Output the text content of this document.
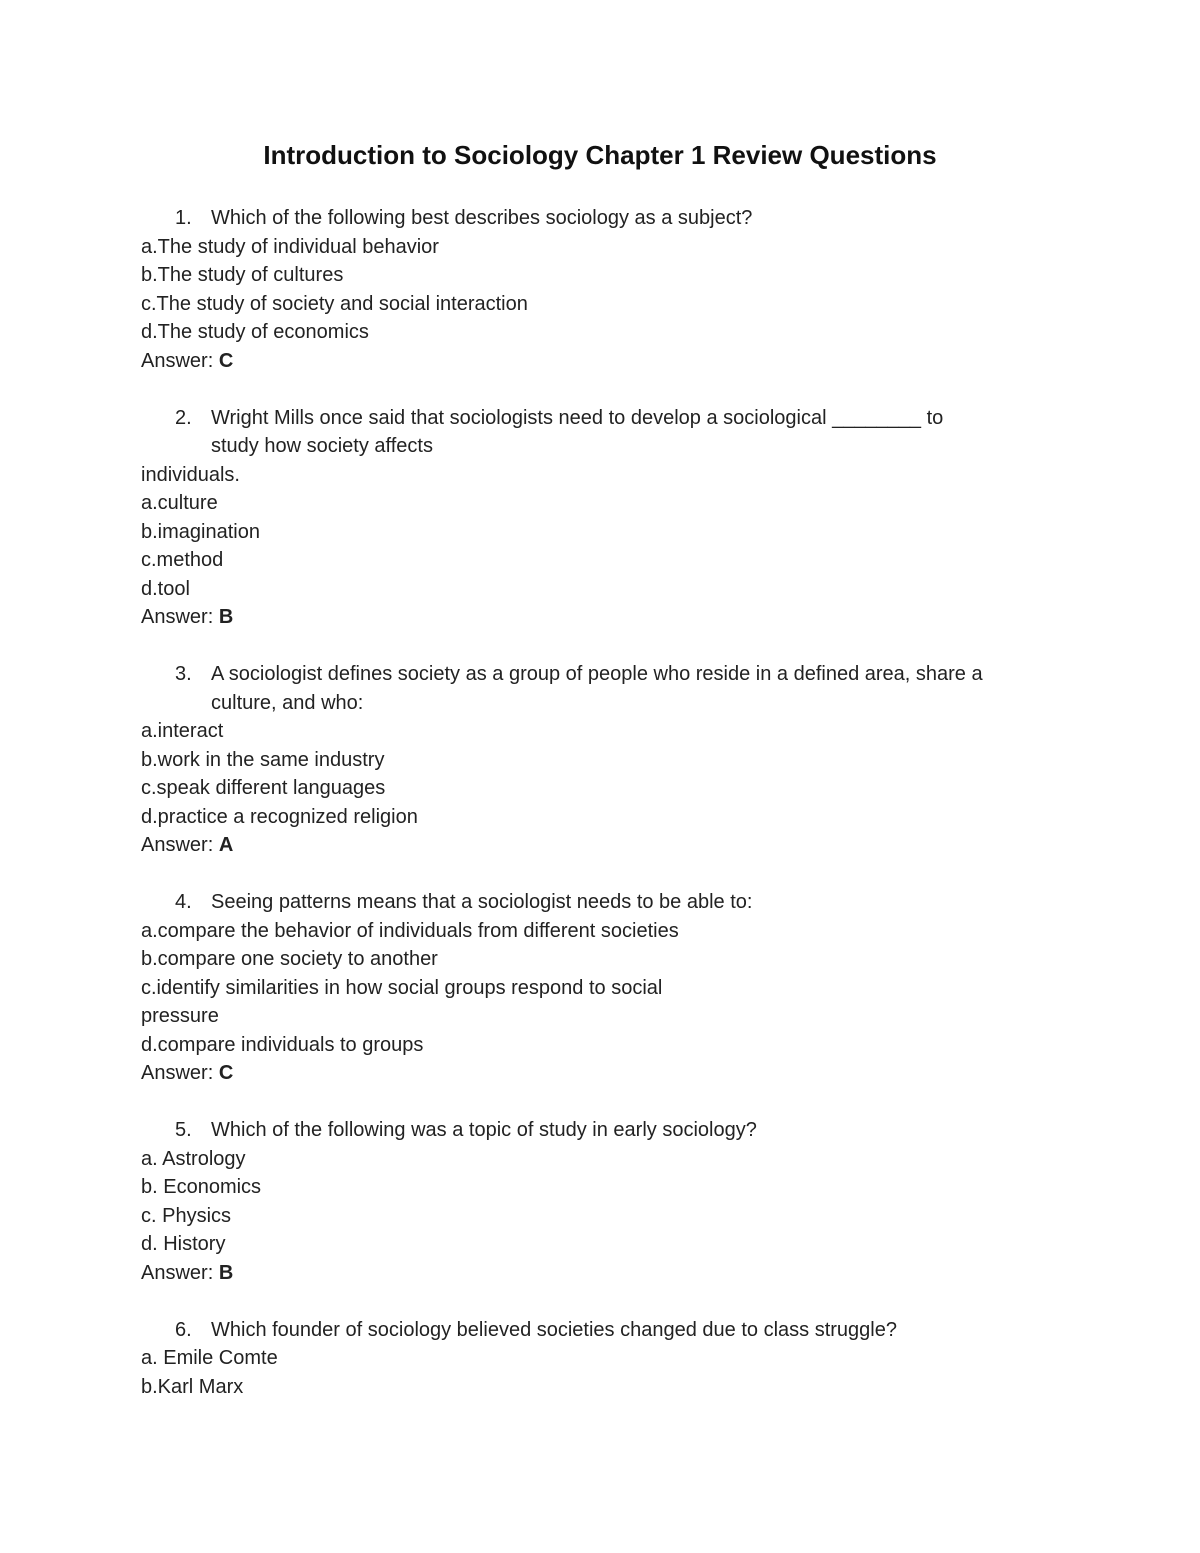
Introduction to Sociology Chapter 1 Review Questions
1. Which of the following best describes sociology as a subject?
a.The study of individual behavior
b.The study of cultures
c.The study of society and social interaction
d.The study of economics
Answer: C
2. Wright Mills once said that sociologists need to develop a sociological ________ to
study how society affects
individuals.
a.culture
b.imagination
c.method
d.tool
Answer: B
3. A sociologist defines society as a group of people who reside in a defined area, share a
culture, and who:
a.interact
b.work in the same industry
c.speak different languages
d.practice a recognized religion
Answer: A
4. Seeing patterns means that a sociologist needs to be able to:
a.compare the behavior of individuals from different societies
b.compare one society to another
c.identify similarities in how social groups respond to social
pressure
d.compare individuals to groups
Answer: C
5. Which of the following was a topic of study in early sociology?
a. Astrology
b. Economics
c. Physics
d. History
Answer: B
6. Which founder of sociology believed societies changed due to class struggle?
a. Emile Comte
b.Karl Marx
